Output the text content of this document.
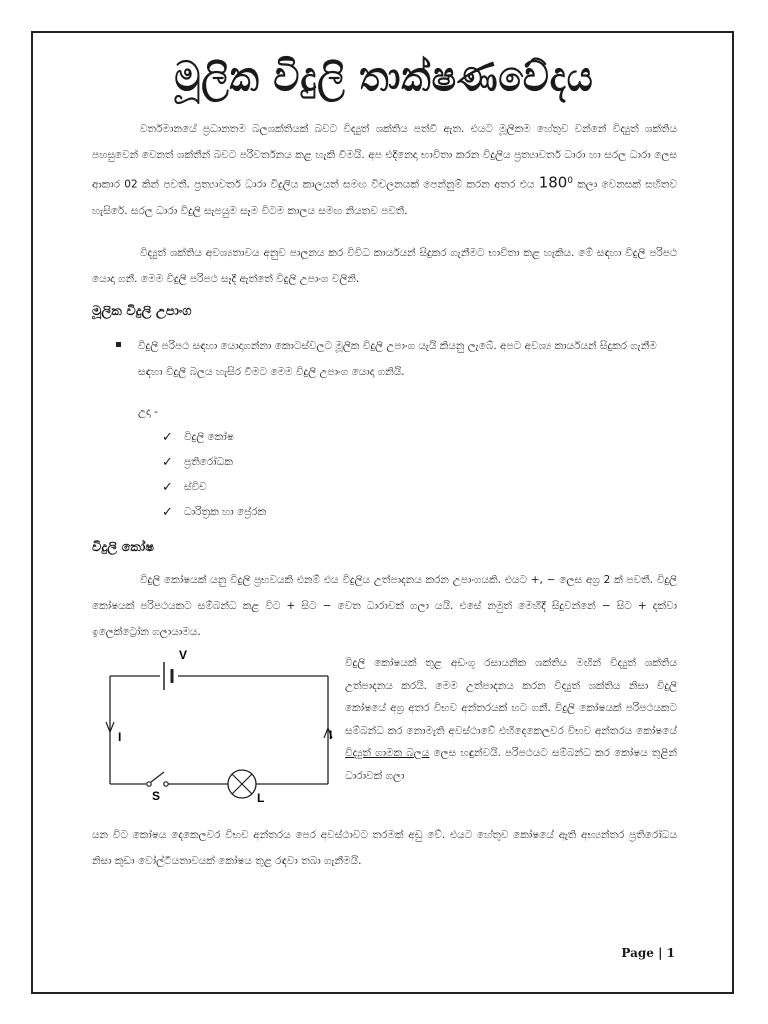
මූලික විදුලි තාක්ෂණවේදය
වර්තමානයේ ප්‍රධානතම බලශක්තියක් බවට විද්‍යුත් ශක්තිය පත්වී ඇත. එයට මූලිකම හේතුව වන්නේ විද්‍යුත් ශක්තිය පහසුවෙන් වෙනත් ශක්තීන් බවට පරිවර්තනය කළ හැකි වීමයි. අප එදිනෙදා භාවිතා කරන විදුලිය ප්‍රත්‍යාවර්ත ධාරා හා සරල ධාරා ලෙස ආකාර 02 කින් පවතී. ප්‍රත්‍යාවර්ත ධාරා විදුලිය කාලයත් සමඟ විචලනයක් පෙන්නුම් කරන අතර එය $180^0$ කලා වෙනසක් සහිතව හැසිරේ. සරල ධාරා විදුලි සැපයුම සෑම විටම කාලය සමඟ නියතව පවතී.
විද්‍යුත් ශක්තිය අවශ්‍යතාවය අනුව පාලනය කර විවිධ කාර්යයන් සිදුකර ගැනීමට භාවිතා කළ හැකිය. මේ සඳහා විදුලි පරිපථ යොදා ගනී. මෙම විදුලි පරිපථ සෑදී ඇත්තේ විදුලි උපාංග වලිනි.
මූලික විදුලි උපාංග
විදුලි පරිපථ සඳහා යොදාගන්නා කොටස්වලට මූලික විදුලි උපාංග යැයි කියනු ලැබේ. අපට අවශ්‍ය කාර්යයන් සිදුකර ගැනීම සඳහා විදුලි බලය හැසිර වීමට මෙම විදුලි උපාංග යොදා ගනියි.
උදා -
✓ විදුලි කෝෂ
✓ ප්‍රතිරෝධක
✓ ස්විච
✓ ධාරිත්‍රක හා ප්‍රේරක
විදුලි කෝෂ
විදුලි කෝෂයක් යනු විදුලි ප්‍රභවයකි එනම් එය විදුලිය උත්පාදනය කරන උපාංගයකි. එයට +, − ලෙස අග්‍ර 2 ක් පවතී. විදුලි කෝෂයක් පරිපථයකට සම්බන්ධ කළ විට + සිට − වෙත ධාරාවක් ගලා යයි. එසේ නමුත් මෙහිදී සිදුවන්නේ − සිට + දක්වා ඉලෙක්ට්‍රෝන ගලායාමය.
V
I	I
S	L
විදුලි කෝෂයක් තුළ අඩංගු රසායනික ශක්තිය මඟින් විද්‍යුත් ශක්තිය උත්පාදනය කරයි. මෙම උත්පාදනය කරන විද්‍යුත් ශක්තිය නිසා විදුලි කෝෂයේ අග්‍ර අතර විභව අන්තරයක් හට ගනී. විදුලි කෝෂයක් පරිපථයකට සම්බන්ධ කර නොමැති අවස්ථාවේ එහිදෙකෙලවර විභව අන්තරය කෝෂයේ විද්‍යුත් ගාමක බලය ලෙස හඳුන්වයි. පරිපථයට සම්බන්ධ කර කෝෂය තුළින් ධාරාවක් ගලා
යන විට කෝෂය දෙකෙලවර විභව අන්තරය පෙර අවස්ථාවට තරමක් අඩු වේ. එයට හේතුව කෝෂයේ ඇති අභ්‍යන්තර ප්‍රතිරෝධය නිසා කුඩා වෝල්ටීයතාවයක් කෝෂය තුළ රඳවා තබා ගැනීමයි.
Page | 1
